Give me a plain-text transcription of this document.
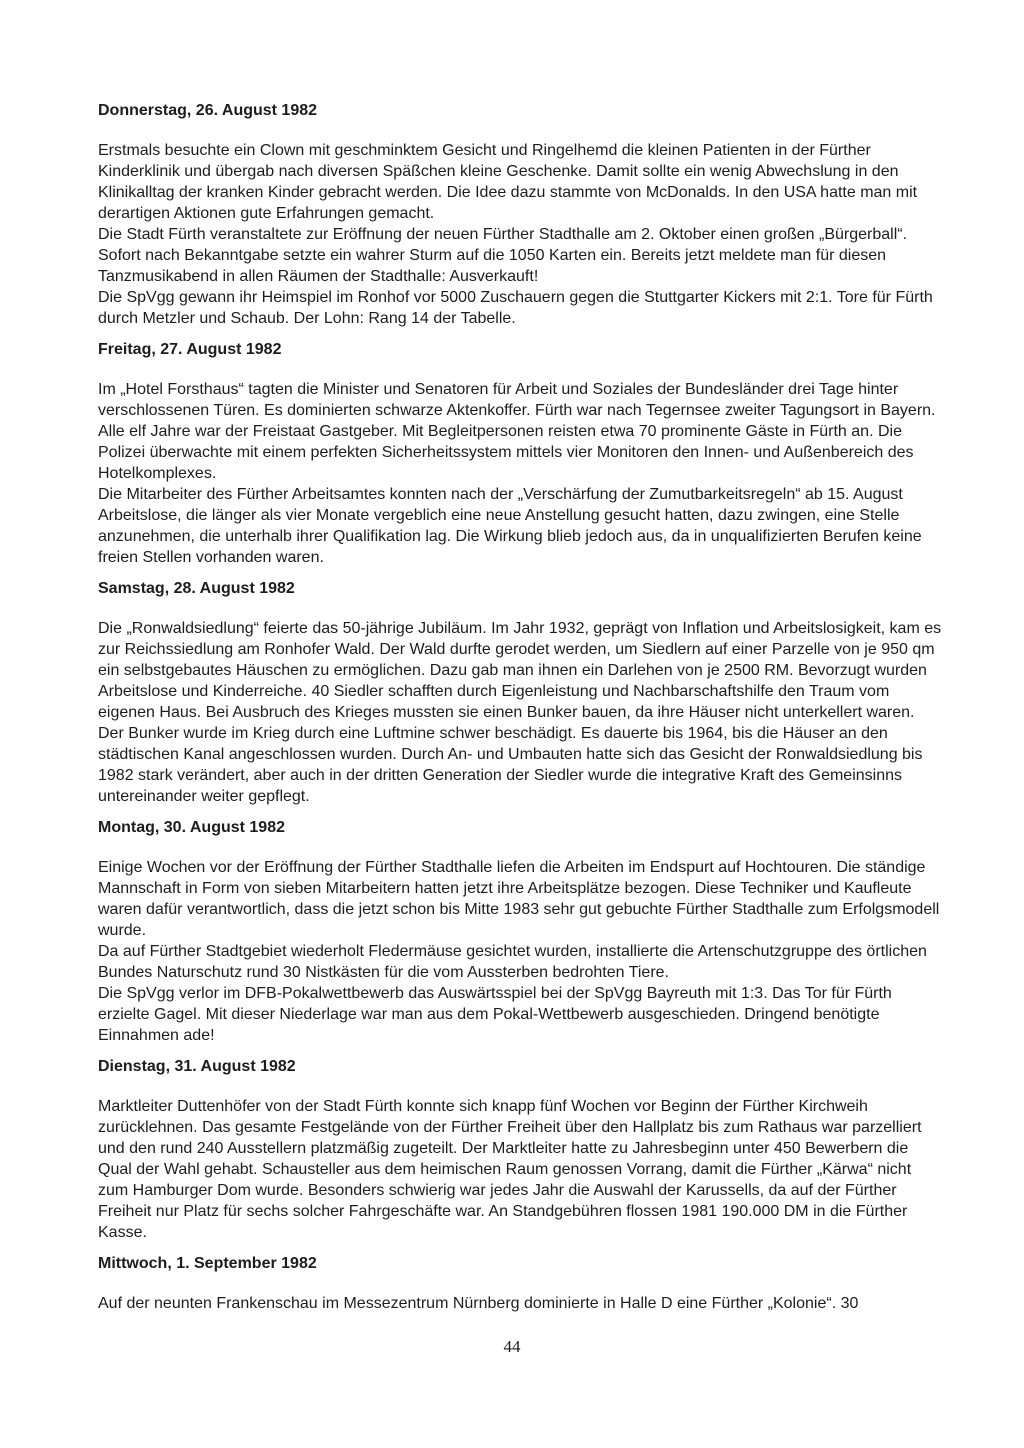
Donnerstag, 26. August 1982

Erstmals besuchte ein Clown mit geschminktem Gesicht und Ringelhemd die kleinen Patienten in der Fürther Kinderklinik und übergab nach diversen Späßchen kleine Geschenke. Damit sollte ein wenig Abwechslung in den Klinikalltag der kranken Kinder gebracht werden. Die Idee dazu stammte von McDonalds. In den USA hatte man mit derartigen Aktionen gute Erfahrungen gemacht.

Die Stadt Fürth veranstaltete zur Eröffnung der neuen Fürther Stadthalle am 2. Oktober einen großen „Bürgerball“. Sofort nach Bekanntgabe setzte ein wahrer Sturm auf die 1050 Karten ein. Bereits jetzt meldete man für diesen Tanzmusikabend in allen Räumen der Stadthalle: Ausverkauft!

Die SpVgg gewann ihr Heimspiel im Ronhof vor 5000 Zuschauern gegen die Stuttgarter Kickers mit 2:1. Tore für Fürth durch Metzler und Schaub. Der Lohn: Rang 14 der Tabelle.

Freitag, 27. August 1982

Im „Hotel Forsthaus“ tagten die Minister und Senatoren für Arbeit und Soziales der Bundesländer drei Tage hinter verschlossenen Türen. Es dominierten schwarze Aktenkoffer. Fürth war nach Tegernsee zweiter Tagungsort in Bayern. Alle elf Jahre war der Freistaat Gastgeber. Mit Begleitpersonen reisten etwa 70 prominente Gäste in Fürth an. Die Polizei überwachte mit einem perfekten Sicherheitssystem mittels vier Monitoren den Innen- und Außenbereich des Hotelkomplexes.

Die Mitarbeiter des Fürther Arbeitsamtes konnten nach der „Verschärfung der Zumutbarkeitsregeln“ ab 15. August Arbeitslose, die länger als vier Monate vergeblich eine neue Anstellung gesucht hatten, dazu zwingen, eine Stelle anzunehmen, die unterhalb ihrer Qualifikation lag. Die Wirkung blieb jedoch aus, da in unqualifizierten Berufen keine freien Stellen vorhanden waren.

Samstag, 28. August 1982

Die „Ronwaldsiedlung“ feierte das 50-jährige Jubiläum. Im Jahr 1932, geprägt von Inflation und Arbeitslosigkeit, kam es zur Reichssiedlung am Ronhofer Wald. Der Wald durfte gerodet werden, um Siedlern auf einer Parzelle von je 950 qm ein selbstgebautes Häuschen zu ermöglichen. Dazu gab man ihnen ein Darlehen von je 2500 RM. Bevorzugt wurden Arbeitslose und Kinderreiche. 40 Siedler schafften durch Eigenleistung und Nachbarschaftshilfe den Traum vom eigenen Haus. Bei Ausbruch des Krieges mussten sie einen Bunker bauen, da ihre Häuser nicht unterkellert waren. Der Bunker wurde im Krieg durch eine Luftmine schwer beschädigt. Es dauerte bis 1964, bis die Häuser an den städtischen Kanal angeschlossen wurden. Durch An- und Umbauten hatte sich das Gesicht der Ronwaldsiedlung bis 1982 stark verändert, aber auch in der dritten Generation der Siedler wurde die integrative Kraft des Gemeinsinns untereinander weiter gepflegt.

Montag, 30. August 1982

Einige Wochen vor der Eröffnung der Fürther Stadthalle liefen die Arbeiten im Endspurt auf Hochtouren. Die ständige Mannschaft in Form von sieben Mitarbeitern hatten jetzt ihre Arbeitsplätze bezogen. Diese Techniker und Kaufleute waren dafür verantwortlich, dass die jetzt schon bis Mitte 1983 sehr gut gebuchte Fürther Stadthalle zum Erfolgsmodell wurde.

Da auf Fürther Stadtgebiet wiederholt Fledermäuse gesichtet wurden, installierte die Artenschutzgruppe des örtlichen Bundes Naturschutz rund 30 Nistkästen für die vom Aussterben bedrohten Tiere.

Die SpVgg verlor im DFB-Pokalwettbewerb das Auswärtsspiel bei der SpVgg Bayreuth mit 1:3. Das Tor für Fürth erzielte Gagel. Mit dieser Niederlage war man aus dem Pokal-Wettbewerb ausgeschieden. Dringend benötigte Einnahmen ade!

Dienstag, 31. August 1982

Marktleiter Duttenhöfer von der Stadt Fürth konnte sich knapp fünf Wochen vor Beginn der Fürther Kirchweih zurücklehnen. Das gesamte Festgelände von der Fürther Freiheit über den Hallplatz bis zum Rathaus war parzelliert und den rund 240 Ausstellern platzmäßig zugeteilt. Der Marktleiter hatte zu Jahresbeginn unter 450 Bewerbern die Qual der Wahl gehabt. Schausteller aus dem heimischen Raum genossen Vorrang, damit die Fürther „Kärwa“ nicht zum Hamburger Dom wurde. Besonders schwierig war jedes Jahr die Auswahl der Karussells, da auf der Fürther Freiheit nur Platz für sechs solcher Fahrgeschäfte war. An Standgebühren flossen 1981 190.000 DM in die Fürther Kasse.

Mittwoch, 1. September 1982

Auf der neunten Frankenschau im Messezentrum Nürnberg dominierte in Halle D eine Fürther „Kolonie“. 30

44
